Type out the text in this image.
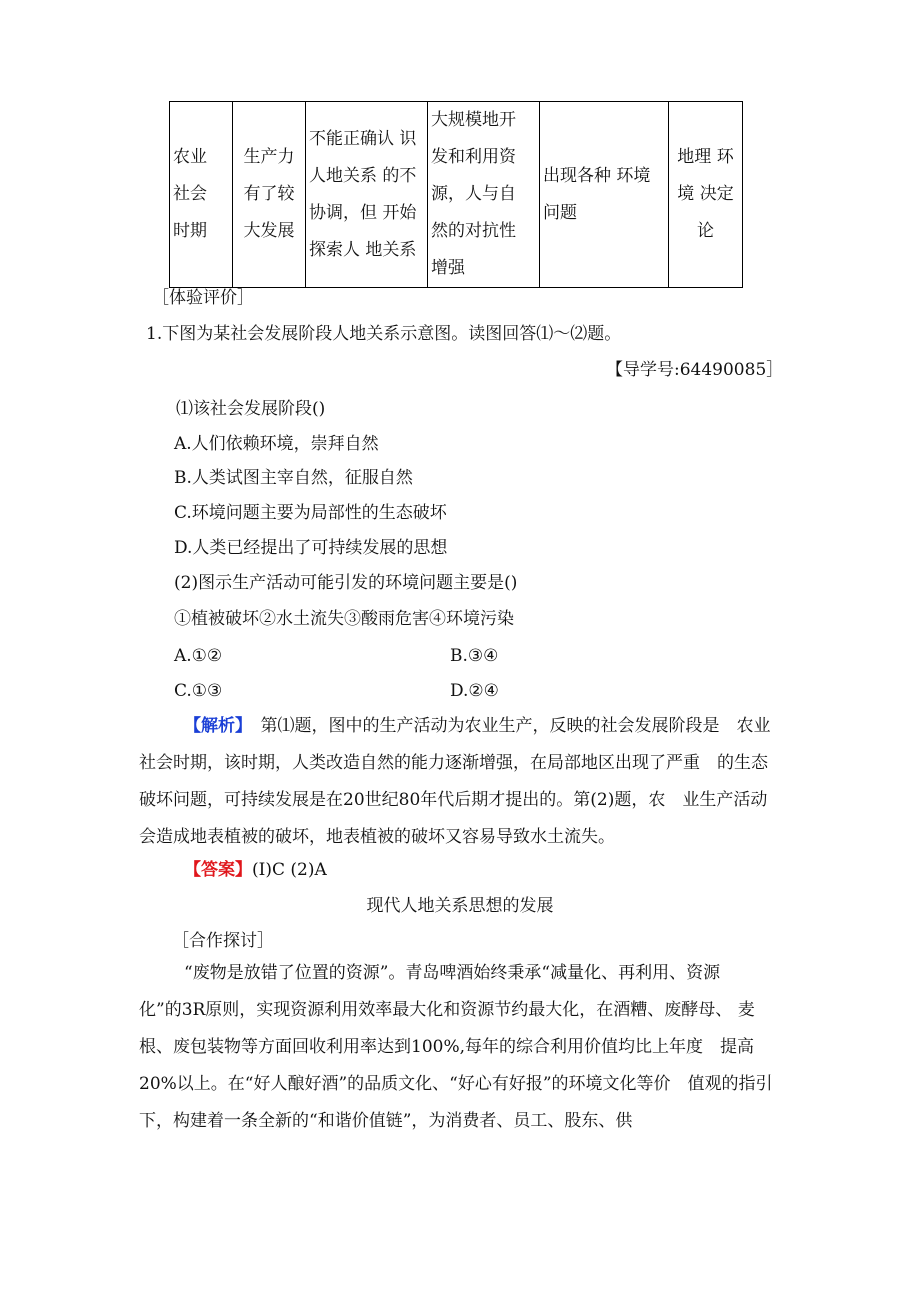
农业 社会 时期	生产力有了较大发展	不能正确认 识人地关系 的不协调，但 开始探索人 地关系	大规模地开 发和利用资 源，人与自 然的对抗性 增强	出现各种 环境问题	地理 环境 决定论
［体验评价］
1.下图为某社会发展阶段人地关系示意图。读图回答⑴～⑵题。
【导学号:64490085］
⑴该社会发展阶段()
A.人们依赖环境，崇拜自然
B.人类试图主宰自然，征服自然
C.环境问题主要为局部性的生态破坏
D.人类已经提出了可持续发展的思想
(2)图示生产活动可能引发的环境问题主要是()
①植被破坏②水土流失③酸雨危害④环境污染
A.①②	B.③④
C.①③	D.②④
【解析】　 第⑴题，图中的生产活动为农业生产，反映的社会发展阶段是　农业社会时期，该时期，人类改造自然的能力逐渐增强，在局部地区出现了严重　的生态破坏问题，可持续发展是在20世纪80年代后期才提出的。第(2)题，农　业生产活动会造成地表植被的破坏，地表植被的破坏又容易导致水土流失。
【答案】(I)C (2)A
现代人地关系思想的发展
［合作探讨］
“废物是放错了位置的资源”。青岛啤酒始终秉承“减量化、再利用、资源　 化”的3R原则，实现资源利用效率最大化和资源节约最大化，在酒糟、废酵母、 麦根、废包装物等方面回收利用率达到100%,每年的综合利用价值均比上年度　提高20%以上。在“好人酿好酒”的品质文化、“好心有好报”的环境文化等价　值观的指引下，构建着一条全新的“和谐价值链”，为消费者、员工、股东、供
